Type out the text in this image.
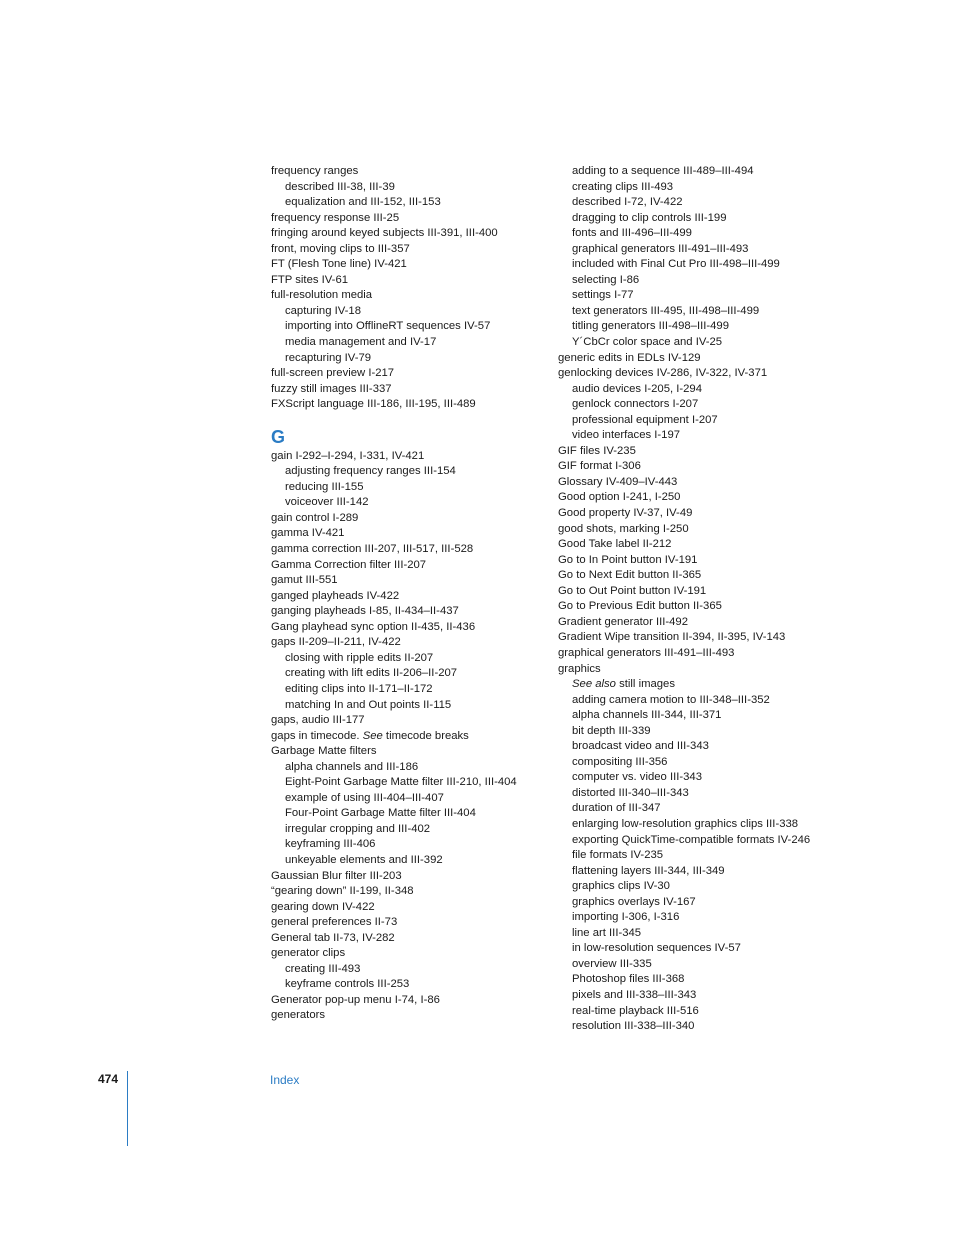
frequency ranges
described III-38, III-39
equalization and III-152, III-153
frequency response III-25
fringing around keyed subjects III-391, III-400
front, moving clips to III-357
FT (Flesh Tone line) IV-421
FTP sites IV-61
full-resolution media
capturing IV-18
importing into OfflineRT sequences IV-57
media management and IV-17
recapturing IV-79
full-screen preview I-217
fuzzy still images III-337
FXScript language III-186, III-195, III-489
G
gain I-292–I-294, I-331, IV-421
adjusting frequency ranges III-154
reducing III-155
voiceover III-142
gain control I-289
gamma IV-421
gamma correction III-207, III-517, III-528
Gamma Correction filter III-207
gamut III-551
ganged playheads IV-422
ganging playheads I-85, II-434–II-437
Gang playhead sync option II-435, II-436
gaps II-209–II-211, IV-422
closing with ripple edits II-207
creating with lift edits II-206–II-207
editing clips into II-171–II-172
matching In and Out points II-115
gaps, audio III-177
gaps in timecode. See timecode breaks
Garbage Matte filters
alpha channels and III-186
Eight-Point Garbage Matte filter III-210, III-404
example of using III-404–III-407
Four-Point Garbage Matte filter III-404
irregular cropping and III-402
keyframing III-406
unkeyable elements and III-392
Gaussian Blur filter III-203
“gearing down” II-199, II-348
gearing down IV-422
general preferences II-73
General tab II-73, IV-282
generator clips
creating III-493
keyframe controls III-253
Generator pop-up menu I-74, I-86
generators
adding to a sequence III-489–III-494
creating clips III-493
described I-72, IV-422
dragging to clip controls III-199
fonts and III-496–III-499
graphical generators III-491–III-493
included with Final Cut Pro III-498–III-499
selecting I-86
settings I-77
text generators III-495, III-498–III-499
titling generators III-498–III-499
Y´CbCr color space and IV-25
generic edits in EDLs IV-129
genlocking devices IV-286, IV-322, IV-371
audio devices I-205, I-294
genlock connectors I-207
professional equipment I-207
video interfaces I-197
GIF files IV-235
GIF format I-306
Glossary IV-409–IV-443
Good option I-241, I-250
Good property IV-37, IV-49
good shots, marking I-250
Good Take label II-212
Go to In Point button IV-191
Go to Next Edit button II-365
Go to Out Point button IV-191
Go to Previous Edit button II-365
Gradient generator III-492
Gradient Wipe transition II-394, II-395, IV-143
graphical generators III-491–III-493
graphics
See also still images
adding camera motion to III-348–III-352
alpha channels III-344, III-371
bit depth III-339
broadcast video and III-343
compositing III-356
computer vs. video III-343
distorted III-340–III-343
duration of III-347
enlarging low-resolution graphics clips III-338
exporting QuickTime-compatible formats IV-246
file formats IV-235
flattening layers III-344, III-349
graphics clips IV-30
graphics overlays IV-167
importing I-306, I-316
line art III-345
in low-resolution sequences IV-57
overview III-335
Photoshop files III-368
pixels and III-338–III-343
real-time playback III-516
resolution III-338–III-340
474	Index
